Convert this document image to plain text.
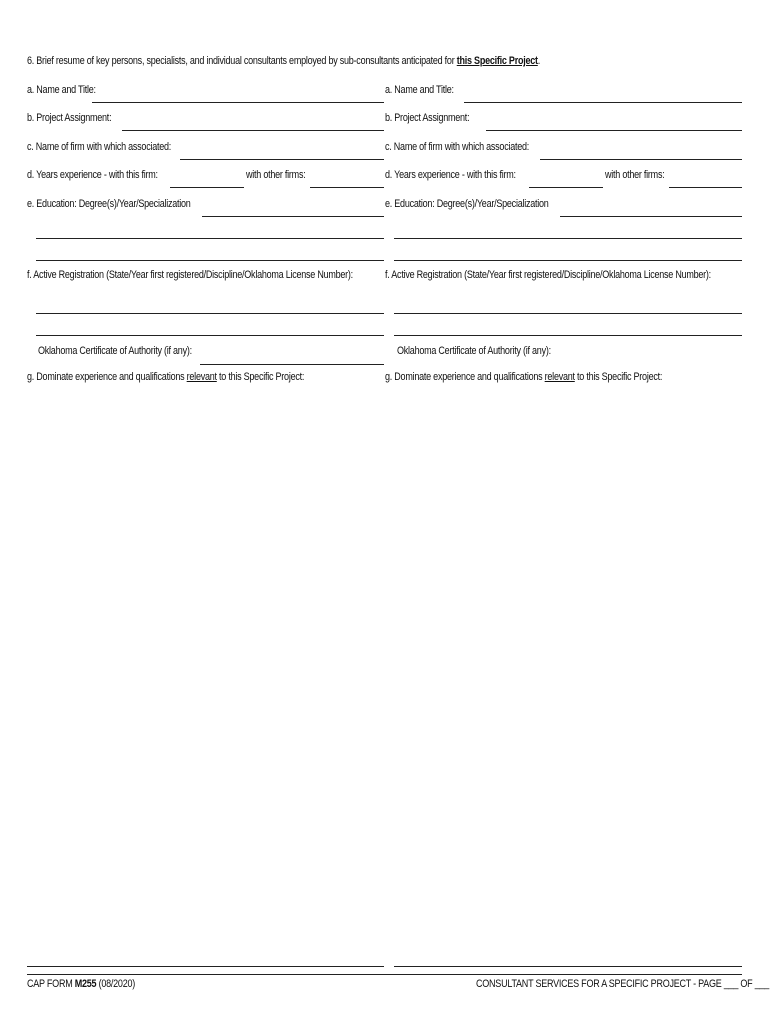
6. Brief resume of key persons, specialists, and individual consultants employed by sub-consultants anticipated for this Specific Project.
a. Name and Title:
b. Project Assignment:
c. Name of firm with which associated:
d. Years experience - with this firm:	with other firms:
e. Education: Degree(s)/Year/Specialization
f. Active Registration (State/Year first registered/Discipline/Oklahoma License Number):
Oklahoma Certificate of Authority (if any):
g. Dominate experience and qualifications relevant to this Specific Project:
a. Name and Title:
b. Project Assignment:
c. Name of firm with which associated:
d. Years experience - with this firm:	with other firms:
e. Education: Degree(s)/Year/Specialization
f. Active Registration (State/Year first registered/Discipline/Oklahoma License Number):
Oklahoma Certificate of Authority (if any):
g. Dominate experience and qualifications relevant to this Specific Project:
CAP FORM M255 (08/2020)	CONSULTANT SERVICES FOR A SPECIFIC PROJECT - PAGE ___ OF ___
